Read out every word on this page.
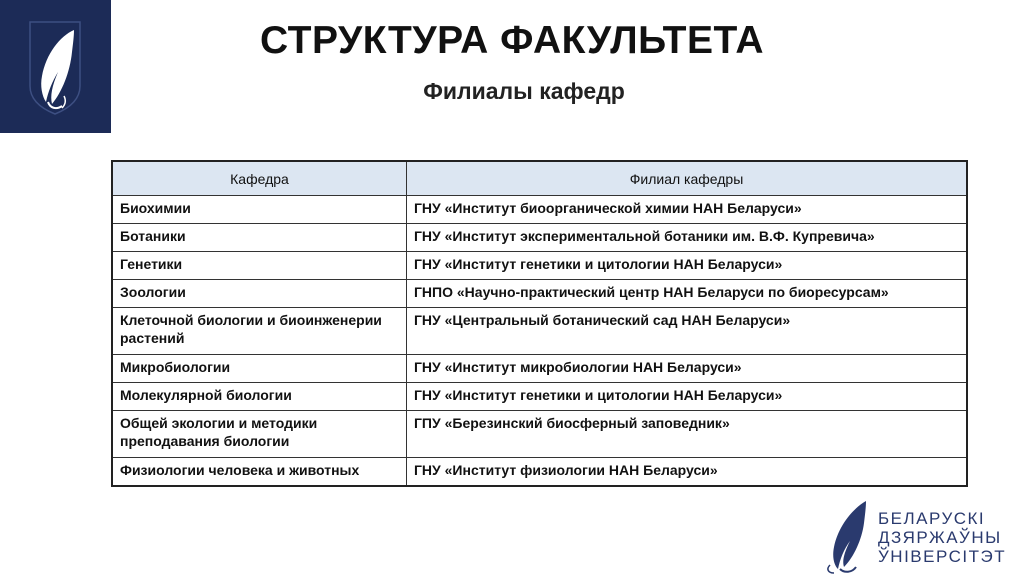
СТРУКТУРА ФАКУЛЬТЕТА
Филиалы кафедр
Кафедра	Филиал кафедры
Биохимии	ГНУ «Институт биоорганической химии НАН Беларуси»
Ботаники	ГНУ «Институт экспериментальной ботаники им. В.Ф. Купревича»
Генетики	ГНУ «Институт генетики и цитологии НАН Беларуси»
Зоологии	ГНПО «Научно-практический центр НАН Беларуси по биоресурсам»
Клеточной биологии и биоинженерии растений	ГНУ «Центральный ботанический сад НАН Беларуси»
Микробиологии	ГНУ «Институт микробиологии НАН Беларуси»
Молекулярной биологии	ГНУ «Институт генетики и цитологии НАН Беларуси»
Общей экологии и методики преподавания биологии	ГПУ «Березинский биосферный заповедник»
Физиологии человека и животных	ГНУ «Институт физиологии НАН Беларуси»
БЕЛАРУСКІ
ДЗЯРЖАЎНЫ
ЎНІВЕРСІТЭТ
